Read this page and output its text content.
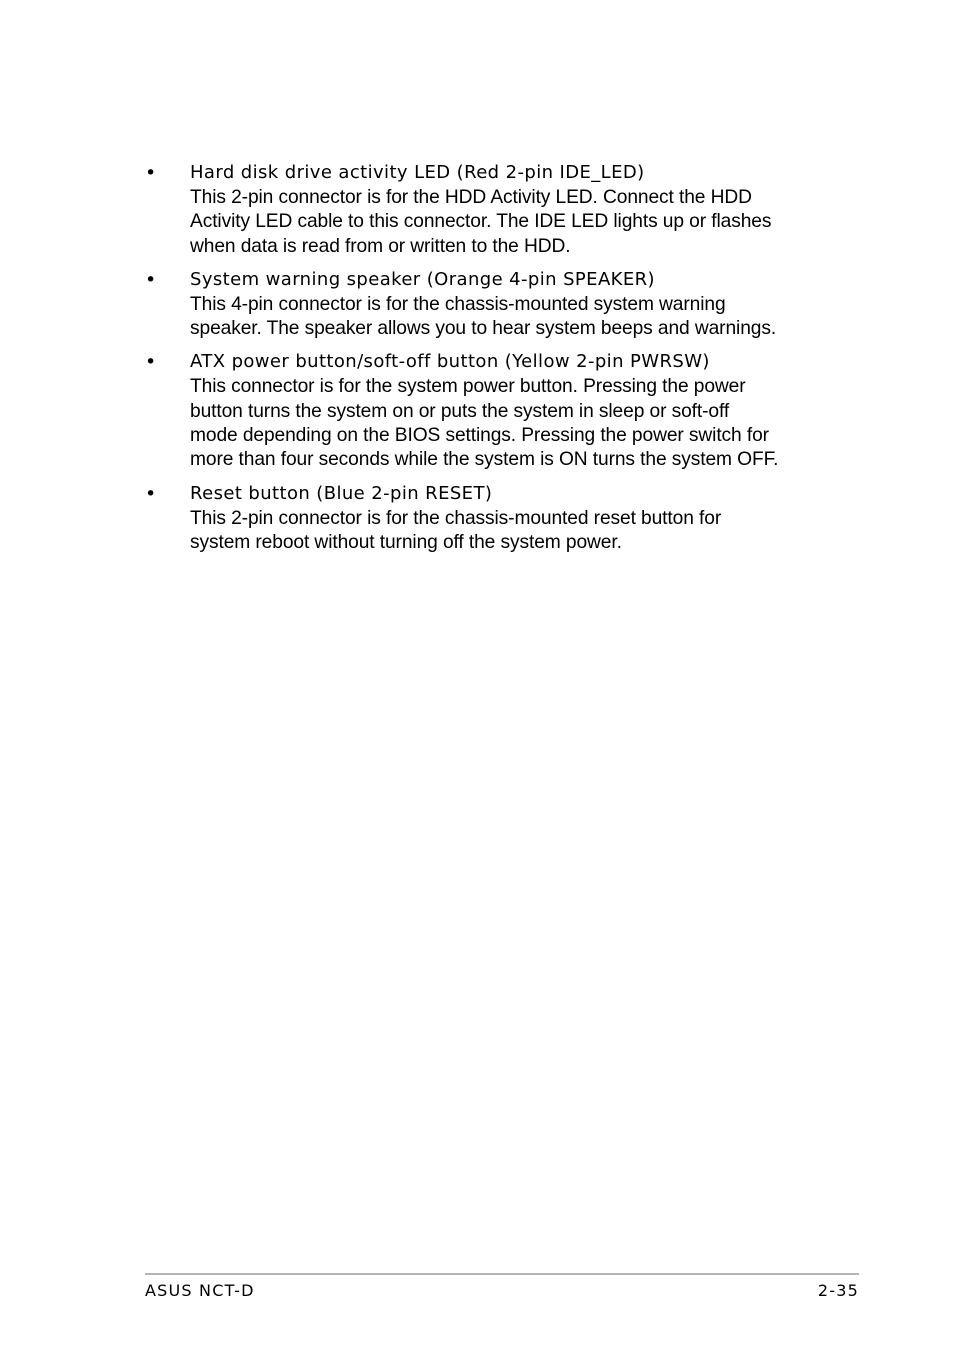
• Hard disk drive activity LED (Red 2-pin IDE_LED)
This 2-pin connector is for the HDD Activity LED. Connect the HDD
Activity LED cable to this connector. The IDE LED lights up or flashes
when data is read from or written to the HDD.
• System warning speaker (Orange 4-pin SPEAKER)
This 4-pin connector is for the chassis-mounted system warning
speaker. The speaker allows you to hear system beeps and warnings.
• ATX power button/soft-off button (Yellow 2-pin PWRSW)
This connector is for the system power button. Pressing the power
button turns the system on or puts the system in sleep or soft-off
mode depending on the BIOS settings. Pressing the power switch for
more than four seconds while the system is ON turns the system OFF.
• Reset button (Blue 2-pin RESET)
This 2-pin connector is for the chassis-mounted reset button for
system reboot without turning off the system power.
ASUS NCT-D	2-35
